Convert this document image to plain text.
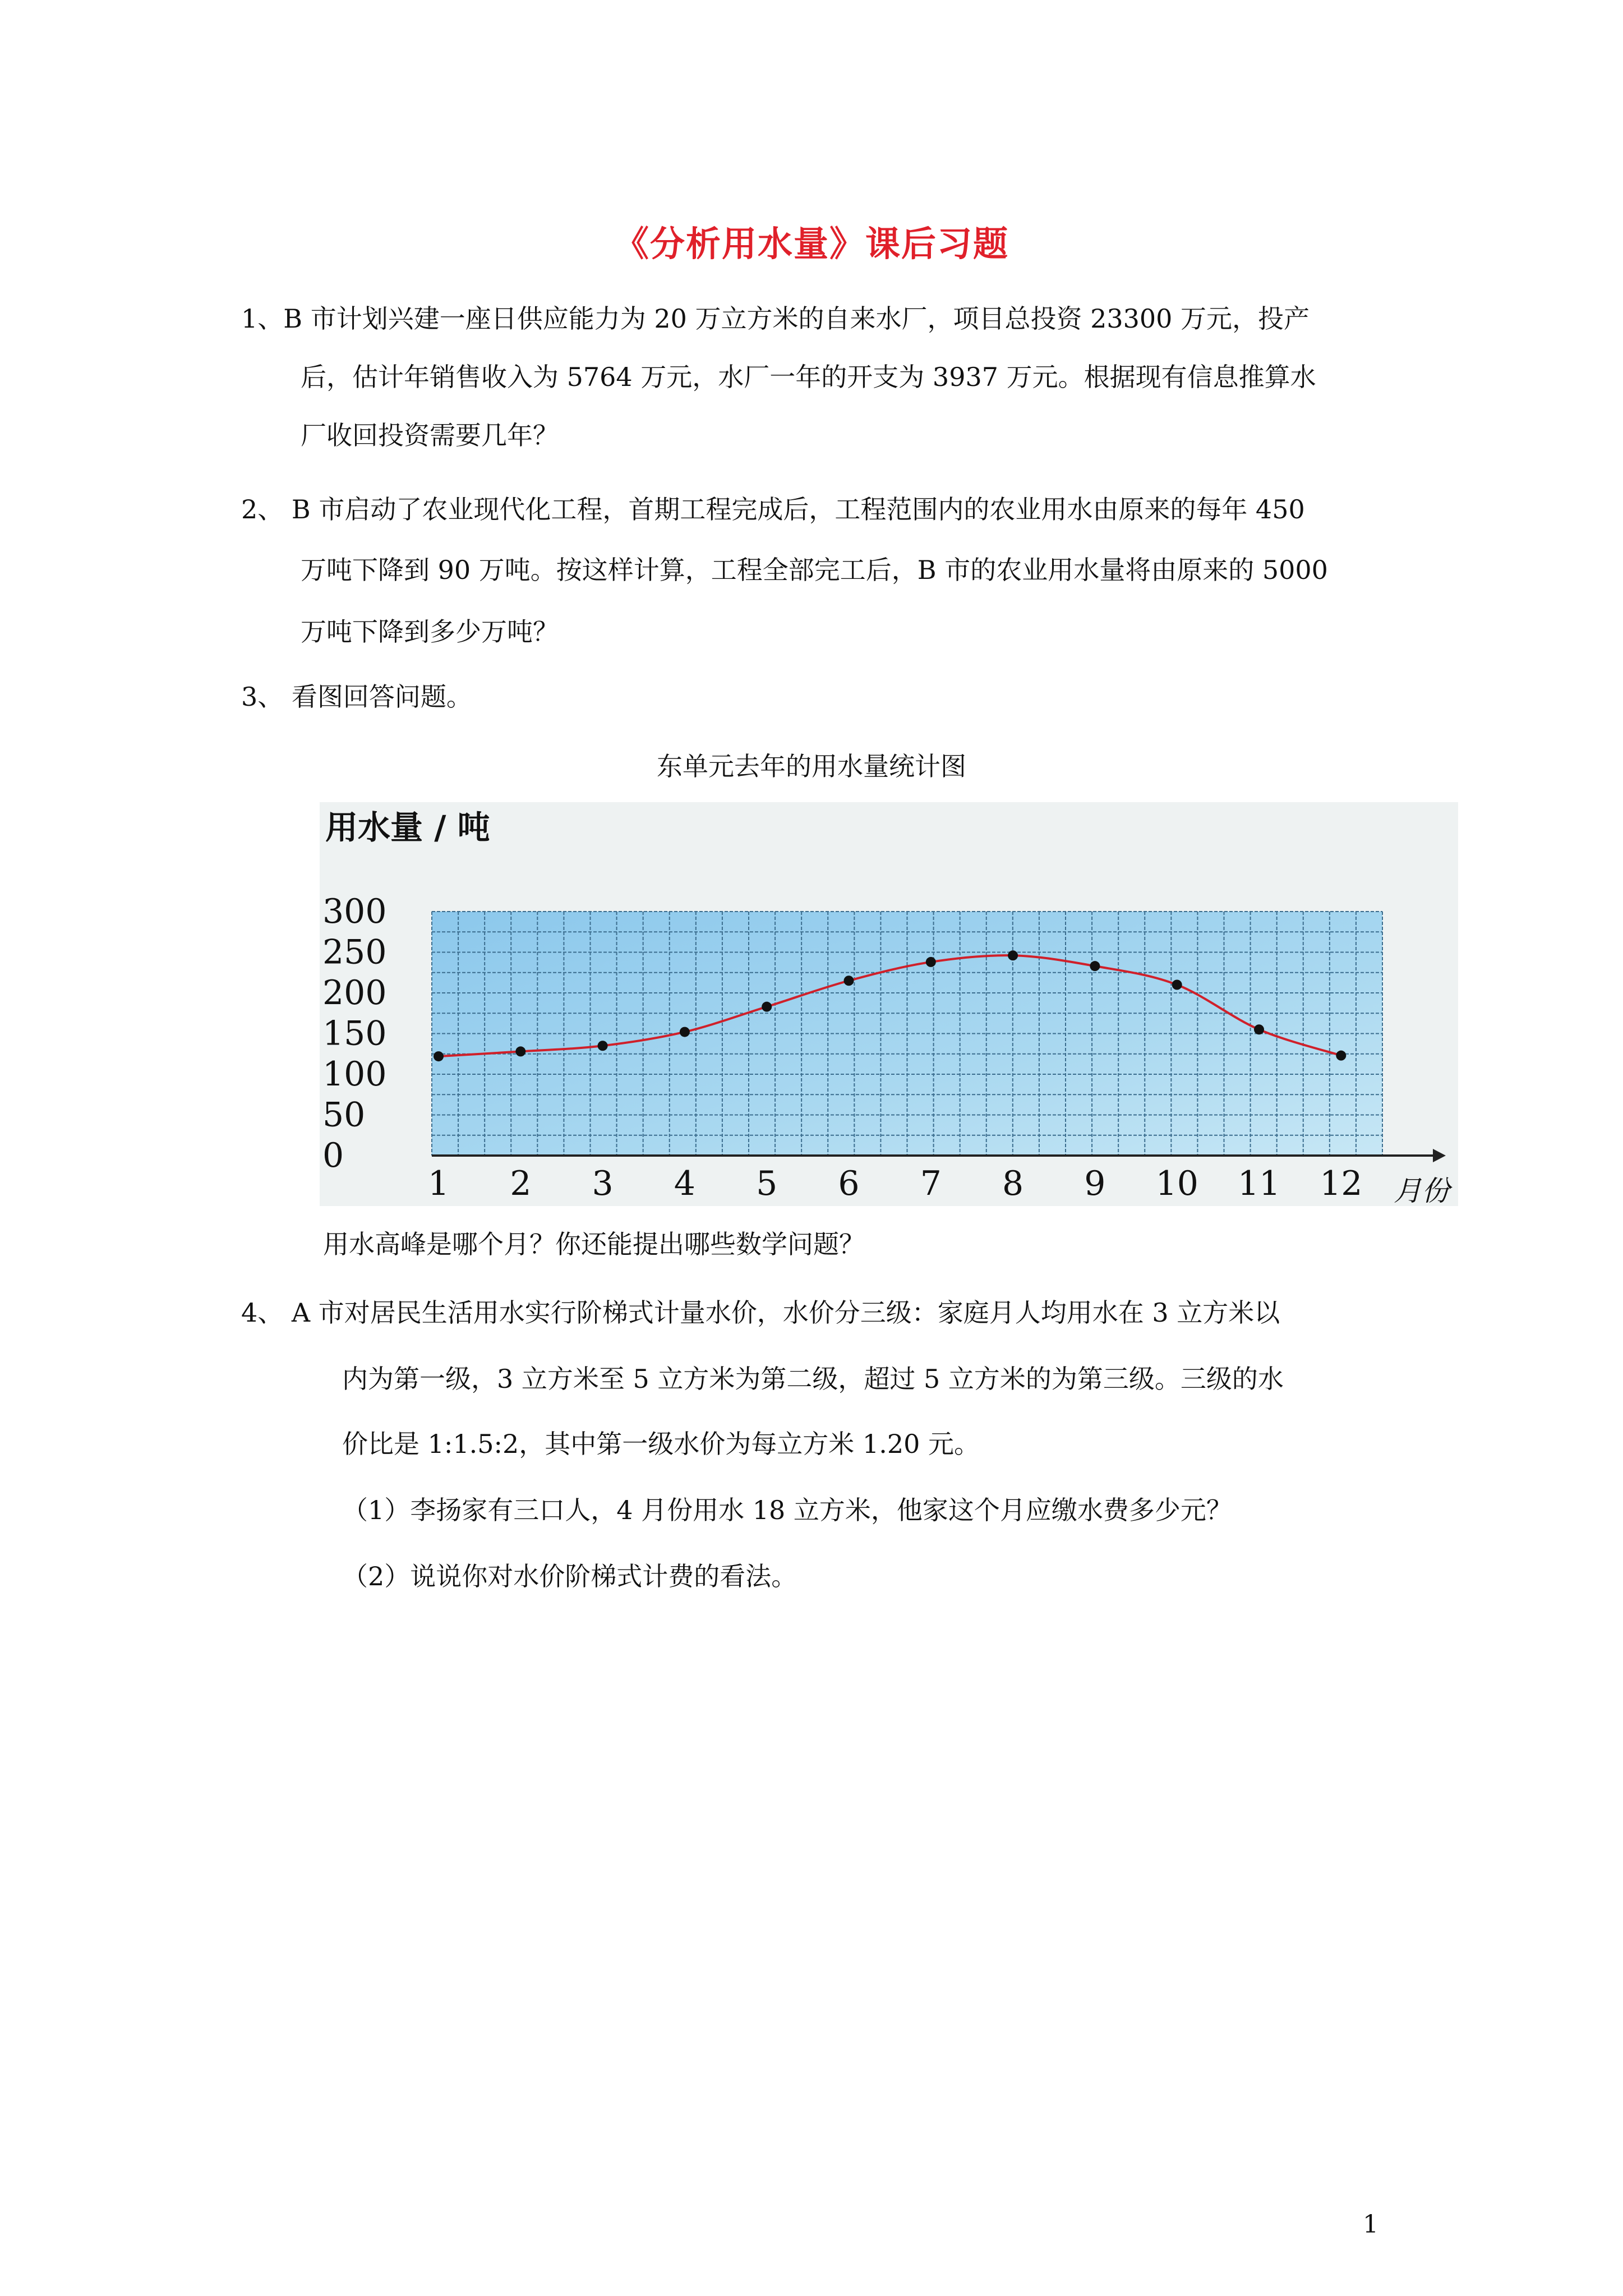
《分析用水量》课后习题
1、B 市计划兴建一座日供应能力为 20 万立方米的自来水厂，项目总投资 23300 万元，投产
后，估计年销售收入为 5764 万元，水厂一年的开支为 3937 万元。根据现有信息推算水
厂收回投资需要几年？
2、 B 市启动了农业现代化工程，首期工程完成后，工程范围内的农业用水由原来的每年 450
万吨下降到 90 万吨。按这样计算，工程全部完工后，B 市的农业用水量将由原来的 5000
万吨下降到多少万吨？
3、 看图回答问题。
东单元去年的用水量统计图
0
50
100
150
200
250
300
1 2 3 4 5 6 7 8 9 10 11 12
用水量 / 吨
月份
用水高峰是哪个月？你还能提出哪些数学问题？
4、 A 市对居民生活用水实行阶梯式计量水价，水价分三级：家庭月人均用水在 3 立方米以
内为第一级，3 立方米至 5 立方米为第二级，超过 5 立方米的为第三级。三级的水
价比是 1:1.5:2，其中第一级水价为每立方米 1.20 元。
（1）李扬家有三口人，4 月份用水 18 立方米，他家这个月应缴水费多少元？
（2）说说你对水价阶梯式计费的看法。
1
